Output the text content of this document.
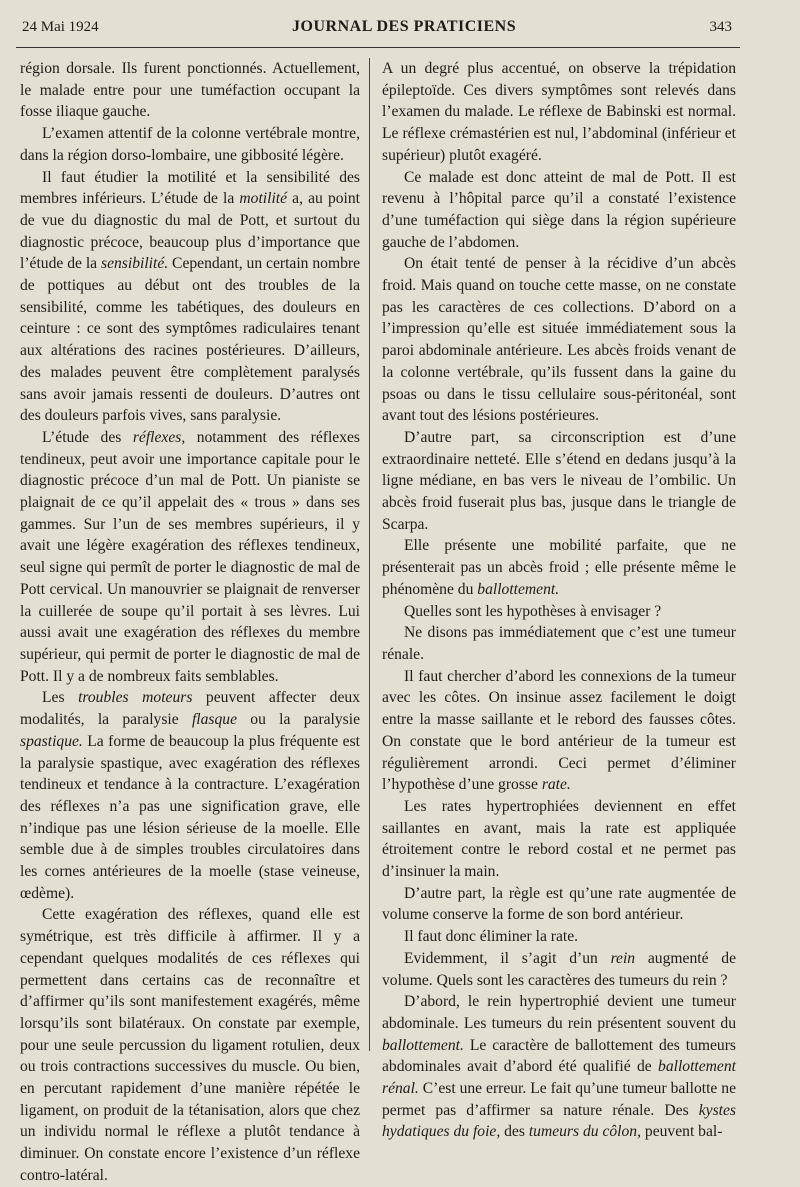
24 Mai 1924	JOURNAL DES PRATICIENS	343

région dorsale. Ils furent ponctionnés. Actuellement, le malade entre pour une tuméfaction occupant la fosse iliaque gauche.

L’examen attentif de la colonne vertébrale montre, dans la région dorso-lombaire, une gibbosité légère.

Il faut étudier la motilité et la sensibilité des membres inférieurs. L’étude de la motilité a, au point de vue du diagnostic du mal de Pott, et surtout du diagnostic précoce, beaucoup plus d’importance que l’étude de la sensibilité. Cependant, un certain nombre de pottiques au début ont des troubles de la sensibilité, comme les tabétiques, des douleurs en ceinture : ce sont des symptômes radiculaires tenant aux altérations des racines postérieures. D’ailleurs, des malades peuvent être complètement paralysés sans avoir jamais ressenti de douleurs. D’autres ont des douleurs parfois vives, sans paralysie.

L’étude des réflexes, notamment des réflexes tendineux, peut avoir une importance capitale pour le diagnostic précoce d’un mal de Pott. Un pianiste se plaignait de ce qu’il appelait des « trous » dans ses gammes. Sur l’un de ses membres supérieurs, il y avait une légère exagération des réflexes tendineux, seul signe qui permît de porter le diagnostic de mal de Pott cervical. Un manouvrier se plaignait de renverser la cuillerée de soupe qu’il portait à ses lèvres. Lui aussi avait une exagération des réflexes du membre supérieur, qui permit de porter le diagnostic de mal de Pott. Il y a de nombreux faits semblables.

Les troubles moteurs peuvent affecter deux modalités, la paralysie flasque ou la paralysie spastique. La forme de beaucoup la plus fréquente est la paralysie spastique, avec exagération des réflexes tendineux et tendance à la contracture. L’exagération des réflexes n’a pas une signification grave, elle n’indique pas une lésion sérieuse de la moelle. Elle semble due à de simples troubles circulatoires dans les cornes antérieures de la moelle (stase veineuse, œdème).

Cette exagération des réflexes, quand elle est symétrique, est très difficile à affirmer. Il y a cependant quelques modalités de ces réflexes qui permettent dans certains cas de reconnaître et d’affirmer qu’ils sont manifestement exagérés, même lorsqu’ils sont bilatéraux. On constate par exemple, pour une seule percussion du ligament rotulien, deux ou trois contractions successives du muscle. Ou bien, en percutant rapidement d’une manière répétée le ligament, on produit de la tétanisation, alors que chez un individu normal le réflexe a plutôt tendance à diminuer. On constate encore l’existence d’un réflexe contro-latéral.

A un degré plus accentué, on observe la trépidation épileptoïde. Ces divers symptômes sont relevés dans l’examen du malade. Le réflexe de Babinski est normal. Le réflexe crémastérien est nul, l’abdominal (inférieur et supérieur) plutôt exagéré.

Ce malade est donc atteint de mal de Pott. Il est revenu à l’hôpital parce qu’il a constaté l’existence d’une tuméfaction qui siège dans la région supérieure gauche de l’abdomen.

On était tenté de penser à la récidive d’un abcès froid. Mais quand on touche cette masse, on ne constate pas les caractères de ces collections. D’abord on a l’impression qu’elle est située immédiatement sous la paroi abdominale antérieure. Les abcès froids venant de la colonne vertébrale, qu’ils fussent dans la gaine du psoas ou dans le tissu cellulaire sous-péritonéal, sont avant tout des lésions postérieures.

D’autre part, sa circonscription est d’une extraordinaire netteté. Elle s’étend en dedans jusqu’à la ligne médiane, en bas vers le niveau de l’ombilic. Un abcès froid fuserait plus bas, jusque dans le triangle de Scarpa.

Elle présente une mobilité parfaite, que ne présenterait pas un abcès froid ; elle présente même le phénomène du ballottement.

Quelles sont les hypothèses à envisager ?

Ne disons pas immédiatement que c’est une tumeur rénale.

Il faut chercher d’abord les connexions de la tumeur avec les côtes. On insinue assez facilement le doigt entre la masse saillante et le rebord des fausses côtes. On constate que le bord antérieur de la tumeur est régulièrement arrondi. Ceci permet d’éliminer l’hypothèse d’une grosse rate.

Les rates hypertrophiées deviennent en effet saillantes en avant, mais la rate est appliquée étroitement contre le rebord costal et ne permet pas d’insinuer la main.

D’autre part, la règle est qu’une rate augmentée de volume conserve la forme de son bord antérieur.

Il faut donc éliminer la rate.

Evidemment, il s’agit d’un rein augmenté de volume. Quels sont les caractères des tumeurs du rein ?

D’abord, le rein hypertrophié devient une tumeur abdominale. Les tumeurs du rein présentent souvent du ballottement. Le caractère de ballottement des tumeurs abdominales avait d’abord été qualifié de ballottement rénal. C’est une erreur. Le fait qu’une tumeur ballotte ne permet pas d’affirmer sa nature rénale. Des kystes hydatiques du foie, des tumeurs du côlon, peuvent bal-
